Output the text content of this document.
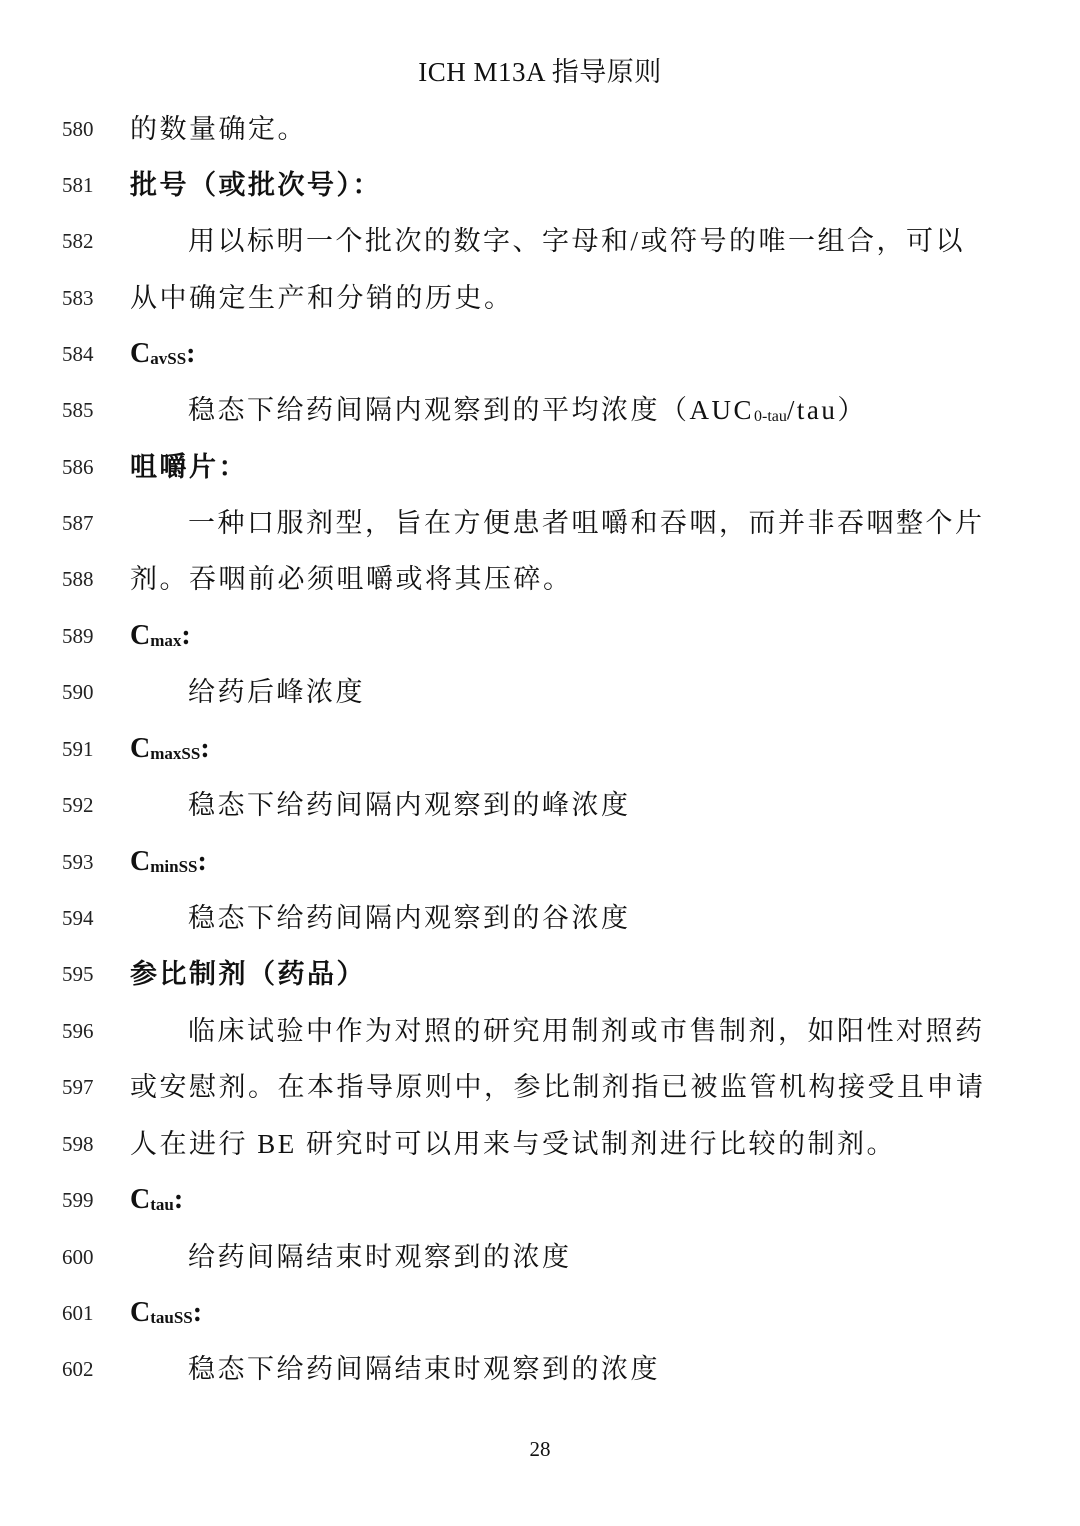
ICH M13A 指导原则
580	的数量确定。
581	批号（或批次号）：
582	用以标明一个批次的数字、字母和/或符号的唯一组合，可以
583	从中确定生产和分销的历史。
584	$C_{avSS}$:
585	稳态下给药间隔内观察到的平均浓度（AUC0-tau/tau）
586	咀嚼片：
587	一种口服剂型，旨在方便患者咀嚼和吞咽，而并非吞咽整个片
588	剂。吞咽前必须咀嚼或将其压碎。
589	$C_{max}$:
590	给药后峰浓度
591	$C_{maxSS}$:
592	稳态下给药间隔内观察到的峰浓度
593	$C_{minSS}$:
594	稳态下给药间隔内观察到的谷浓度
595	参比制剂（药品）
596	临床试验中作为对照的研究用制剂或市售制剂，如阳性对照药
597	或安慰剂。在本指导原则中，参比制剂指已被监管机构接受且申请
598	人在进行 BE 研究时可以用来与受试制剂进行比较的制剂。
599	$C_{tau}$:
600	给药间隔结束时观察到的浓度
601	$C_{tauSS}$:
602	稳态下给药间隔结束时观察到的浓度
28
